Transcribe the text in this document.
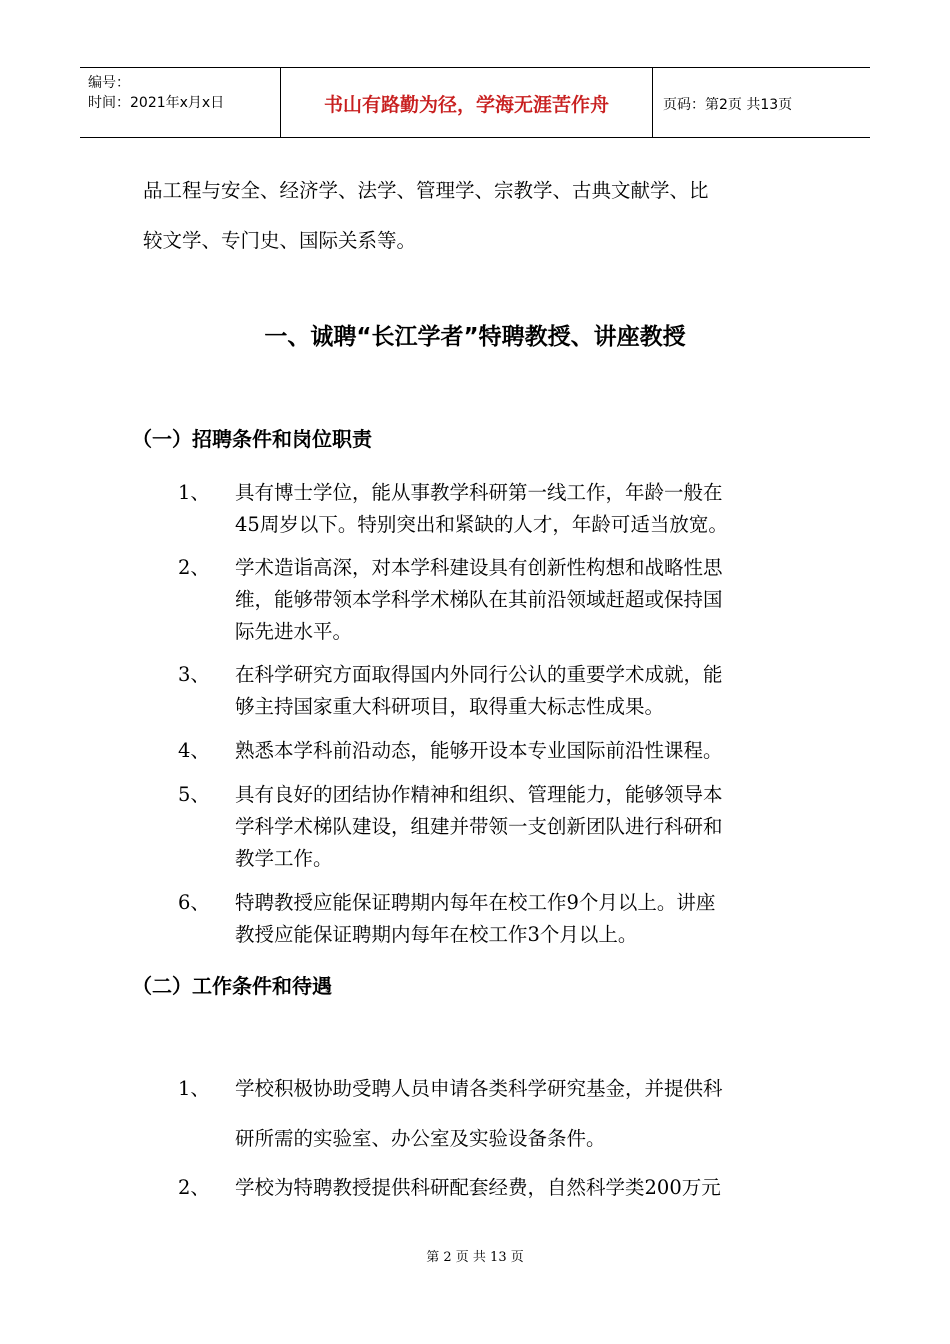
编号：
时间：2021年x月x日	书山有路勤为径，学海无涯苦作舟	页码：第2页 共13页
品工程与安全、经济学、法学、管理学、宗教学、古典文献学、比
较文学、专门史、国际关系等。
一、诚聘“长江学者”特聘教授、讲座教授
（一）招聘条件和岗位职责
1、 具有博士学位，能从事教学科研第一线工作，年龄一般在
45周岁以下。特别突出和紧缺的人才，年龄可适当放宽。
2、 学术造诣高深，对本学科建设具有创新性构想和战略性思
维，能够带领本学科学术梯队在其前沿领域赶超或保持国
际先进水平。
3、 在科学研究方面取得国内外同行公认的重要学术成就，能
够主持国家重大科研项目，取得重大标志性成果。
4、 熟悉本学科前沿动态，能够开设本专业国际前沿性课程。
5、 具有良好的团结协作精神和组织、管理能力，能够领导本
学科学术梯队建设，组建并带领一支创新团队进行科研和
教学工作。
6、 特聘教授应能保证聘期内每年在校工作9个月以上。讲座
教授应能保证聘期内每年在校工作3个月以上。
（二）工作条件和待遇
1、 学校积极协助受聘人员申请各类科学研究基金，并提供科
研所需的实验室、办公室及实验设备条件。
2、 学校为特聘教授提供科研配套经费，自然科学类200万元
第 2 页 共 13 页
